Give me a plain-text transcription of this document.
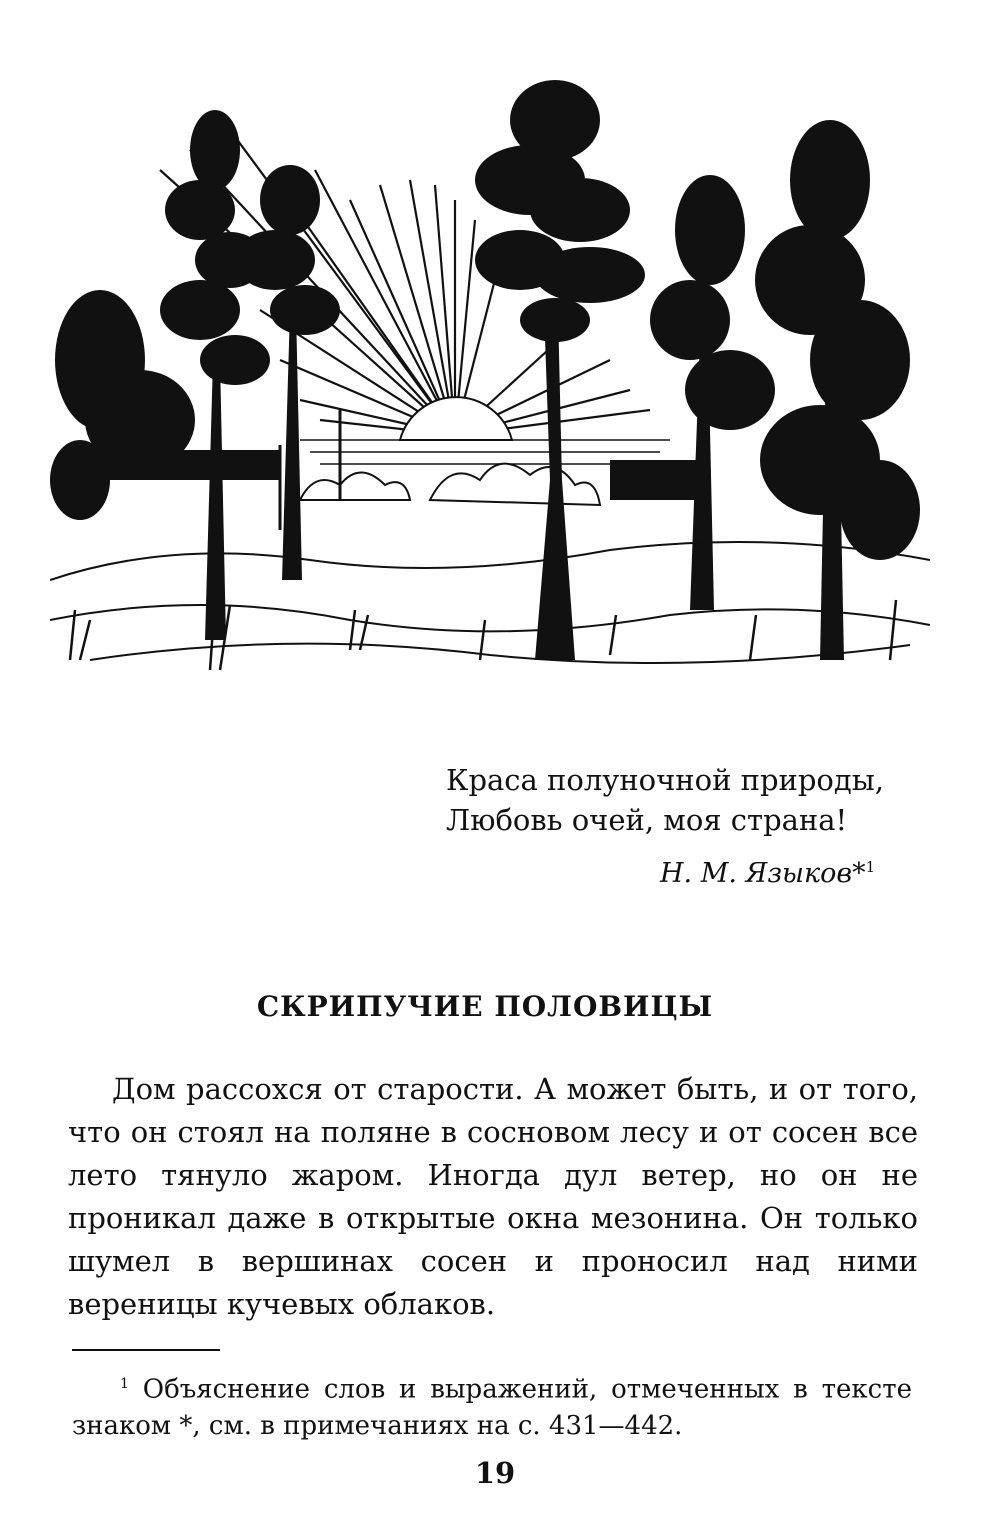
Краса полуночной природы,
Любовь очей, моя страна!
Н. М. Языков*$^1$
СКРИПУЧИЕ ПОЛОВИЦЫ

Дом рассохся от старости. А может быть, и от того, что он стоял на поляне в сосновом лесу и от сосен все лето тянуло жаром. Иногда дул ветер, но он не проникал даже в открытые окна мезонина. Он только шумел в вершинах сосен и проносил над ними вереницы кучевых облаков.

$^1$ Объяснение слов и выражений, отмеченных в тексте знаком *, см. в примечаниях на с. 431—442.

19
